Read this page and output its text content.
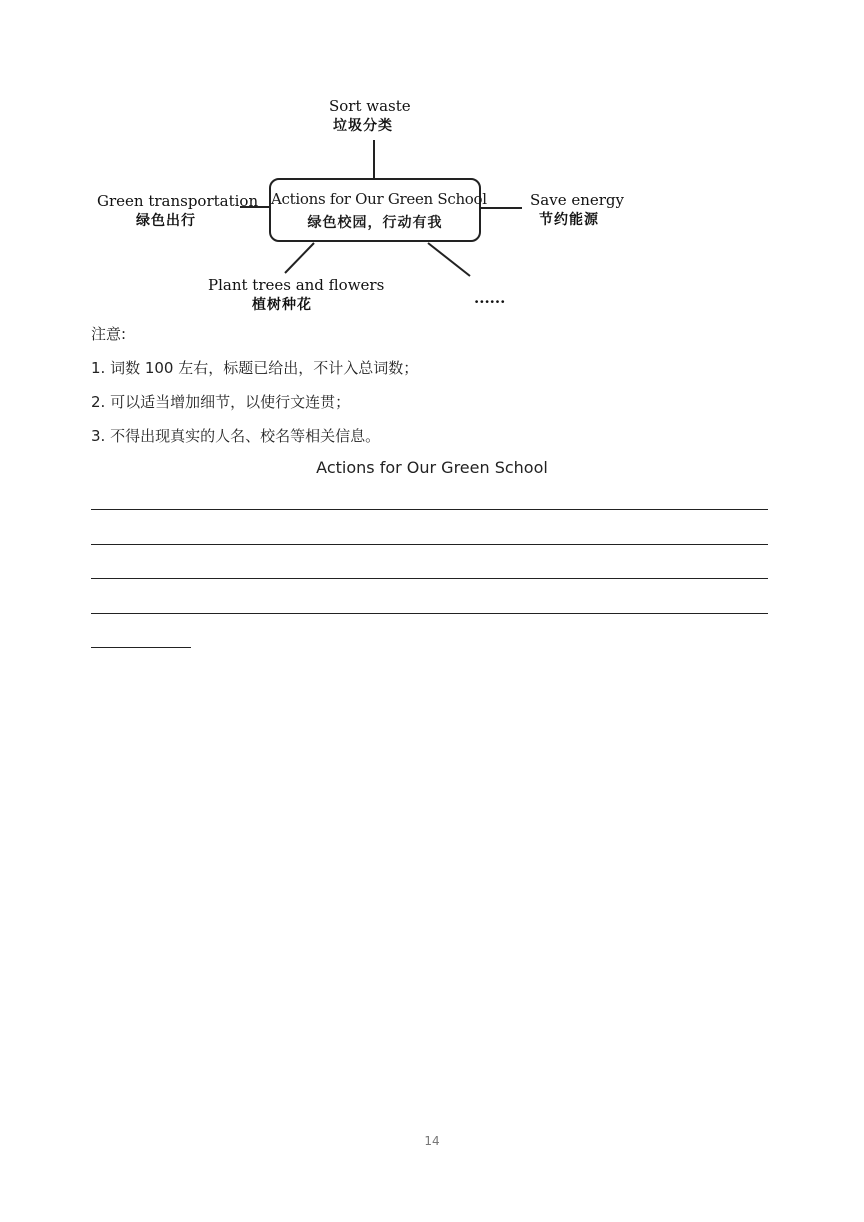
Sort waste
垃圾分类
Green transportation
绿色出行
Actions for Our Green School
绿色校园，行动有我
Save energy
节约能源
Plant trees and flowers
植树种花	......
注意:
1. 词数 100 左右，标题已给出，不计入总词数；
2. 可以适当增加细节，以使行文连贯；
3. 不得出现真实的人名、校名等相关信息。
Actions for Our Green School
14
